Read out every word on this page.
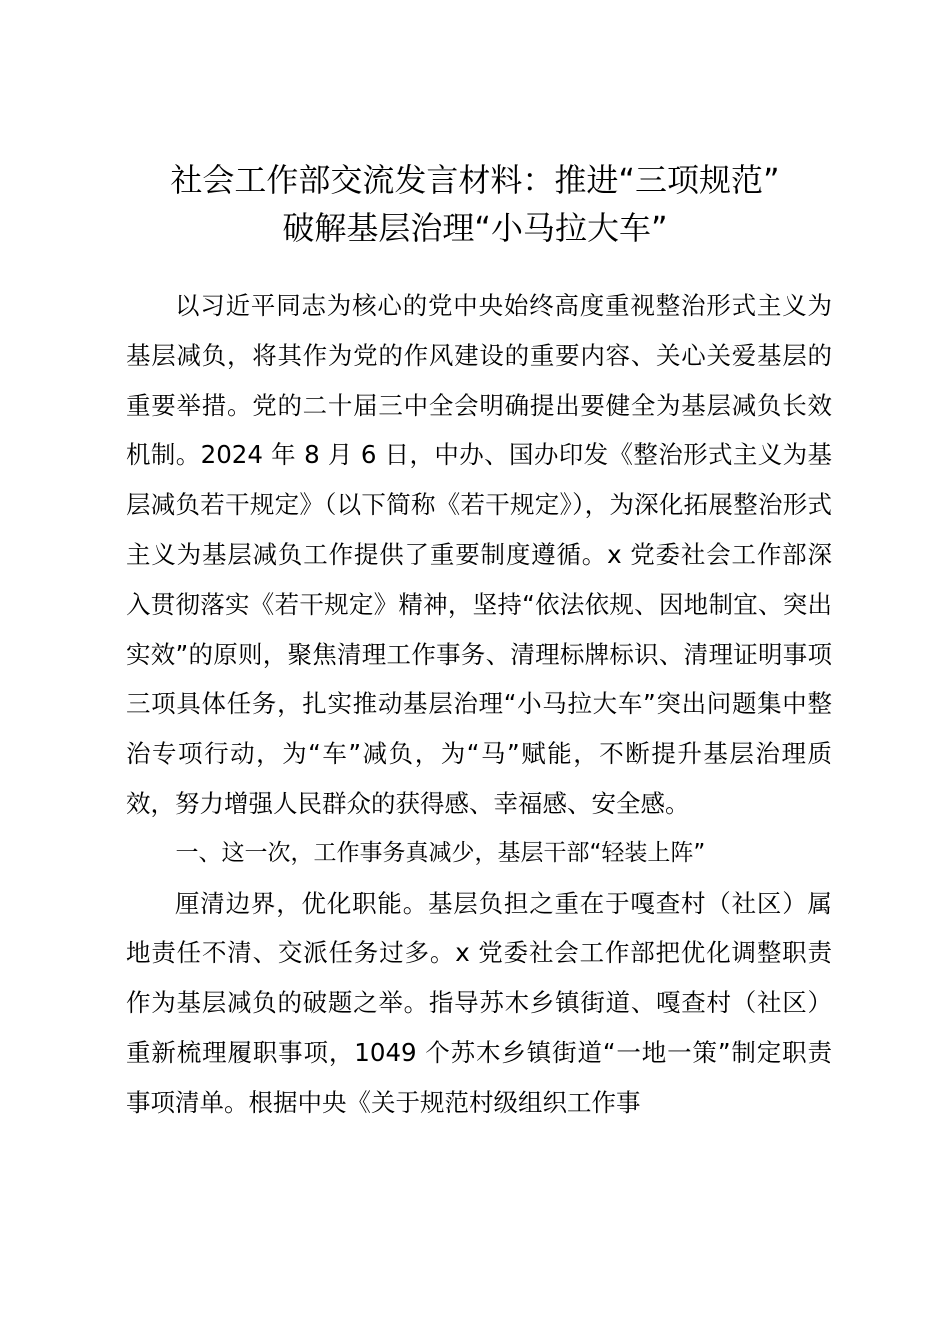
社会工作部交流发言材料：推进“三项规范”
破解基层治理“小马拉大车”

以习近平同志为核心的党中央始终高度重视整治形式主义为基层减负，将其作为党的作风建设的重要内容、关心关爱基层的重要举措。党的二十届三中全会明确提出要健全为基层减负长效机制。2024 年 8 月 6 日，中办、国办印发《整治形式主义为基层减负若干规定》（以下简称《若干规定》），为深化拓展整治形式主义为基层减负工作提供了重要制度遵循。x 党委社会工作部深入贯彻落实《若干规定》精神，坚持“依法依规、因地制宜、突出实效”的原则，聚焦清理工作事务、清理标牌标识、清理证明事项三项具体任务，扎实推动基层治理“小马拉大车”突出问题集中整治专项行动，为“车”减负，为“马”赋能，不断提升基层治理质效，努力增强人民群众的获得感、幸福感、安全感。

一、这一次，工作事务真减少，基层干部“轻装上阵”

厘清边界，优化职能。基层负担之重在于嘎查村（社区）属地责任不清、交派任务过多。x 党委社会工作部把优化调整职责作为基层减负的破题之举。指导苏木乡镇街道、嘎查村（社区）重新梳理履职事项，1049 个苏木乡镇街道“一地一策”制定职责事项清单。根据中央《关于规范村级组织工作事
